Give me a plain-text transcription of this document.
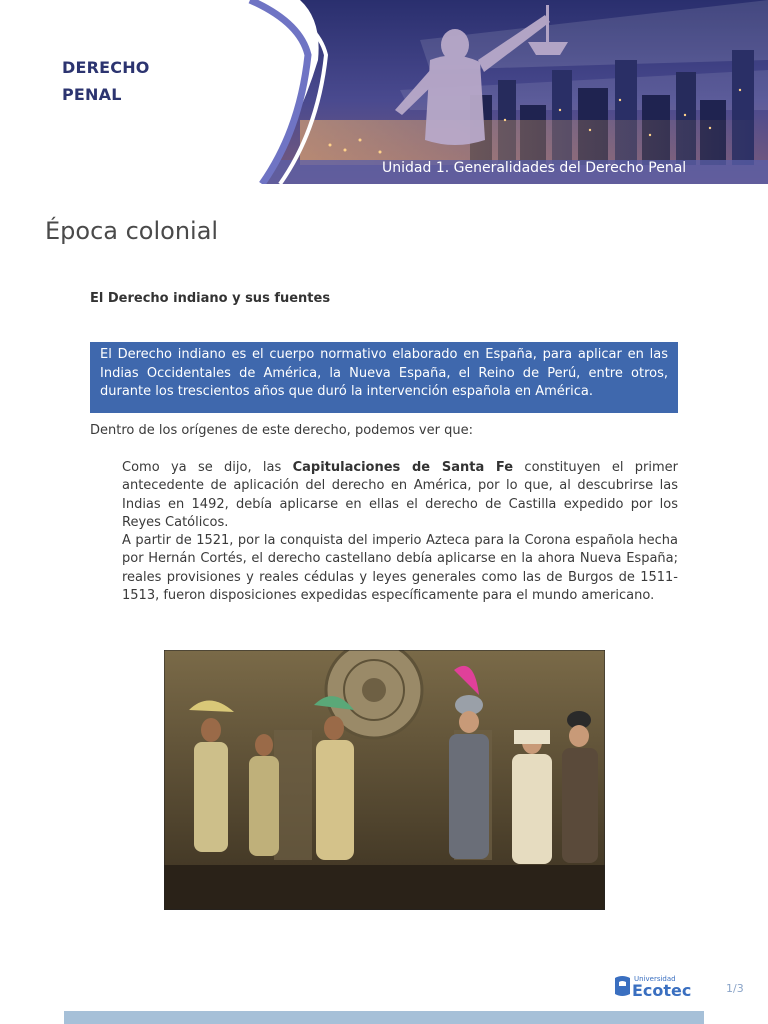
DERECHO
PENAL

Unidad 1. Generalidades del Derecho Penal

Época colonial
El Derecho indiano y sus fuentes

El Derecho indiano es el cuerpo normativo elaborado en España, para aplicar en las Indias Occidentales de América, la Nueva España, el Reino de Perú, entre otros, durante los trescientos años que duró la intervención española en América.

Dentro de los orígenes de este derecho, podemos ver que:

Como ya se dijo, las Capitulaciones de Santa Fe constituyen el primer antecedente de aplicación del derecho en América, por lo que, al descubrirse las Indias en 1492, debía aplicarse en ellas el derecho de Castilla expedido por los Reyes Católicos.

A partir de 1521, por la conquista del imperio Azteca para la Corona española hecha por Hernán Cortés, el derecho castellano debía aplicarse en la ahora Nueva España; reales provisiones y reales cédulas y leyes generales como las de Burgos de 1511-1513, fueron disposiciones expedidas específicamente para el mundo americano.

Universidad
Ecotec	1/3
